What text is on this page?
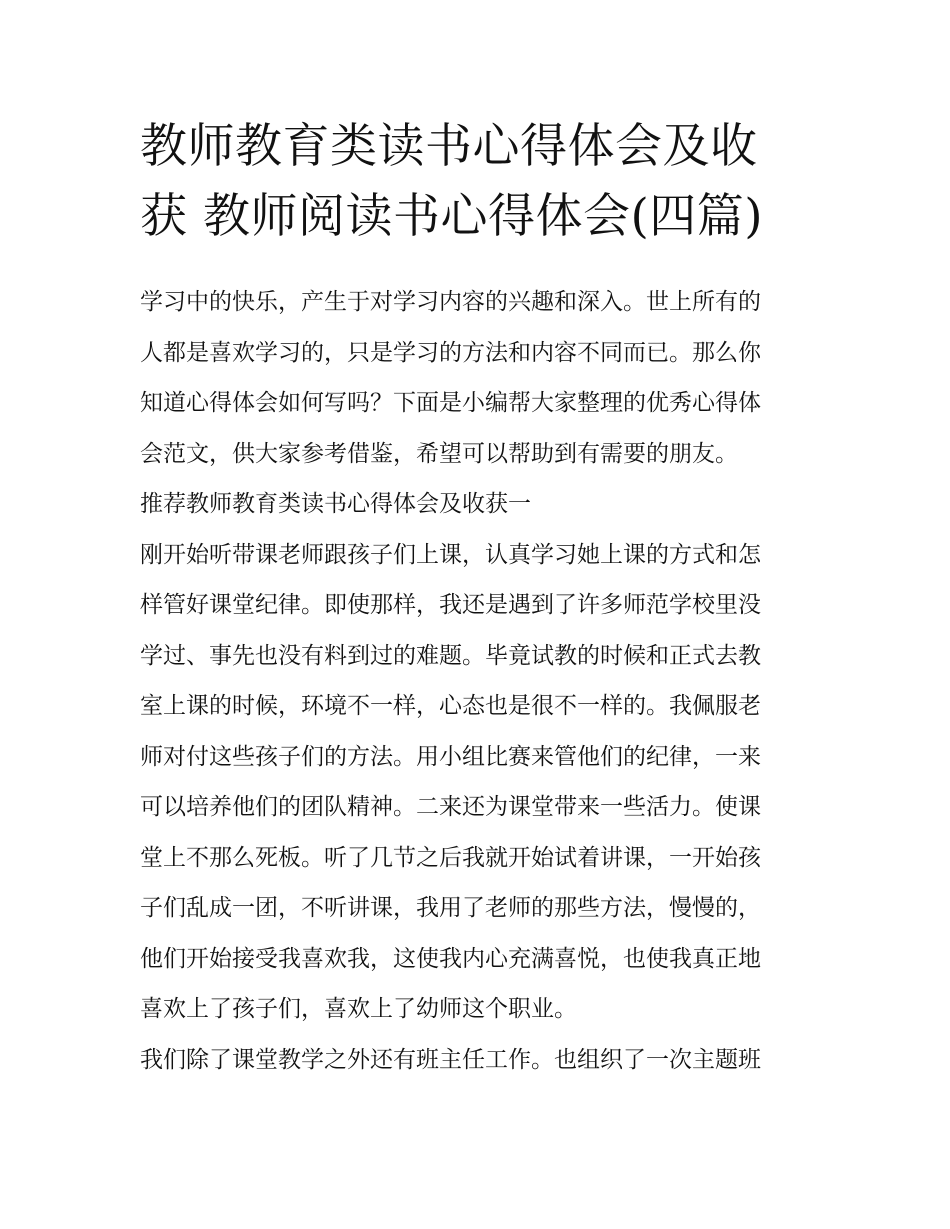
教师教育类读书心得体会及收
获 教师阅读书心得体会(四篇)
学习中的快乐，产生于对学习内容的兴趣和深入。世上所有的
人都是喜欢学习的，只是学习的方法和内容不同而已。那么你
知道心得体会如何写吗？下面是小编帮大家整理的优秀心得体
会范文，供大家参考借鉴，希望可以帮助到有需要的朋友。
推荐教师教育类读书心得体会及收获一
刚开始听带课老师跟孩子们上课，认真学习她上课的方式和怎
样管好课堂纪律。即使那样，我还是遇到了许多师范学校里没
学过、事先也没有料到过的难题。毕竟试教的时候和正式去教
室上课的时候，环境不一样，心态也是很不一样的。我佩服老
师对付这些孩子们的方法。用小组比赛来管他们的纪律，一来
可以培养他们的团队精神。二来还为课堂带来一些活力。使课
堂上不那么死板。听了几节之后我就开始试着讲课，一开始孩
子们乱成一团，不听讲课，我用了老师的那些方法，慢慢的，
他们开始接受我喜欢我，这使我内心充满喜悦，也使我真正地
喜欢上了孩子们，喜欢上了幼师这个职业。
我们除了课堂教学之外还有班主任工作。也组织了一次主题班
